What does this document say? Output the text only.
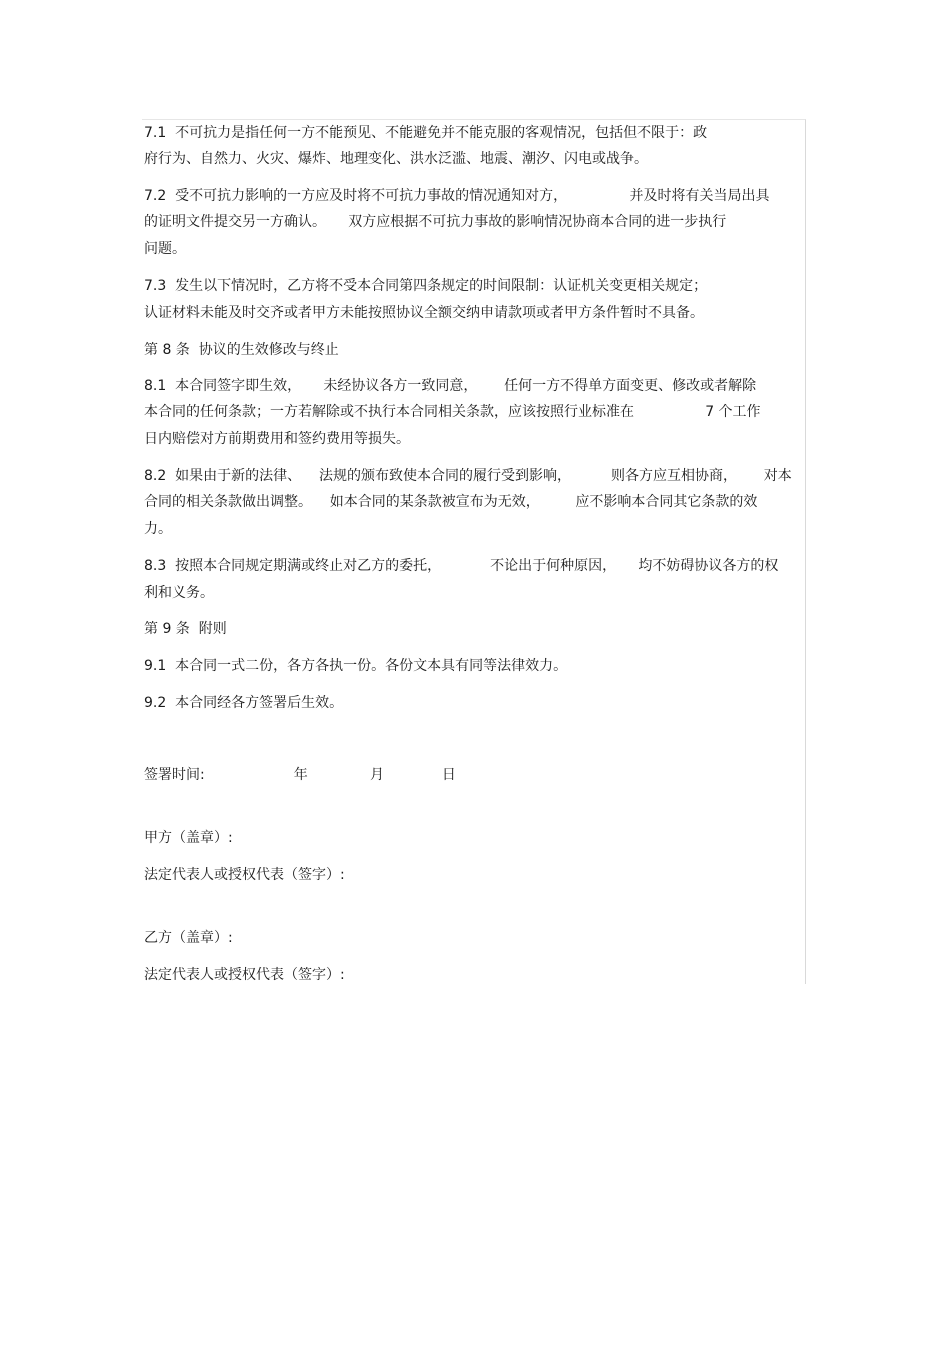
7.1  不可抗力是指任何一方不能预见、不能避免并不能克服的客观情况，包括但不限于：政
府行为、自然力、火灾、爆炸、地理变化、洪水泛滥、地震、潮汐、闪电或战争。
7.2  受不可抗力影响的一方应及时将不可抗力事故的情况通知对方，              并及时将有关当局出具
的证明文件提交另一方确认。     双方应根据不可抗力事故的影响情况协商本合同的进一步执行
问题。
7.3  发生以下情况时，乙方将不受本合同第四条规定的时间限制：认证机关变更相关规定；
认证材料未能及时交齐或者甲方未能按照协议全额交纳申请款项或者甲方条件暂时不具备。
第 8 条  协议的生效修改与终止
8.1  本合同签字即生效，     未经协议各方一致同意，      任何一方不得单方面变更、修改或者解除
本合同的任何条款；一方若解除或不执行本合同相关条款，应该按照行业标准在                7 个工作
日内赔偿对方前期费用和签约费用等损失。
8.2  如果由于新的法律、    法规的颁布致使本合同的履行受到影响，         则各方应互相协商，      对本
合同的相关条款做出调整。    如本合同的某条款被宣布为无效，        应不影响本合同其它条款的效
力。
8.3  按照本合同规定期满或终止对乙方的委托，           不论出于何种原因，     均不妨碍协议各方的权
利和义务。
第 9 条  附则
9.1  本合同一式二份，各方各执一份。各份文本具有同等法律效力。
9.2  本合同经各方签署后生效。
签署时间:                    年              月             日
甲方（盖章）:
法定代表人或授权代表（签字）:
乙方（盖章）:
法定代表人或授权代表（签字）:
